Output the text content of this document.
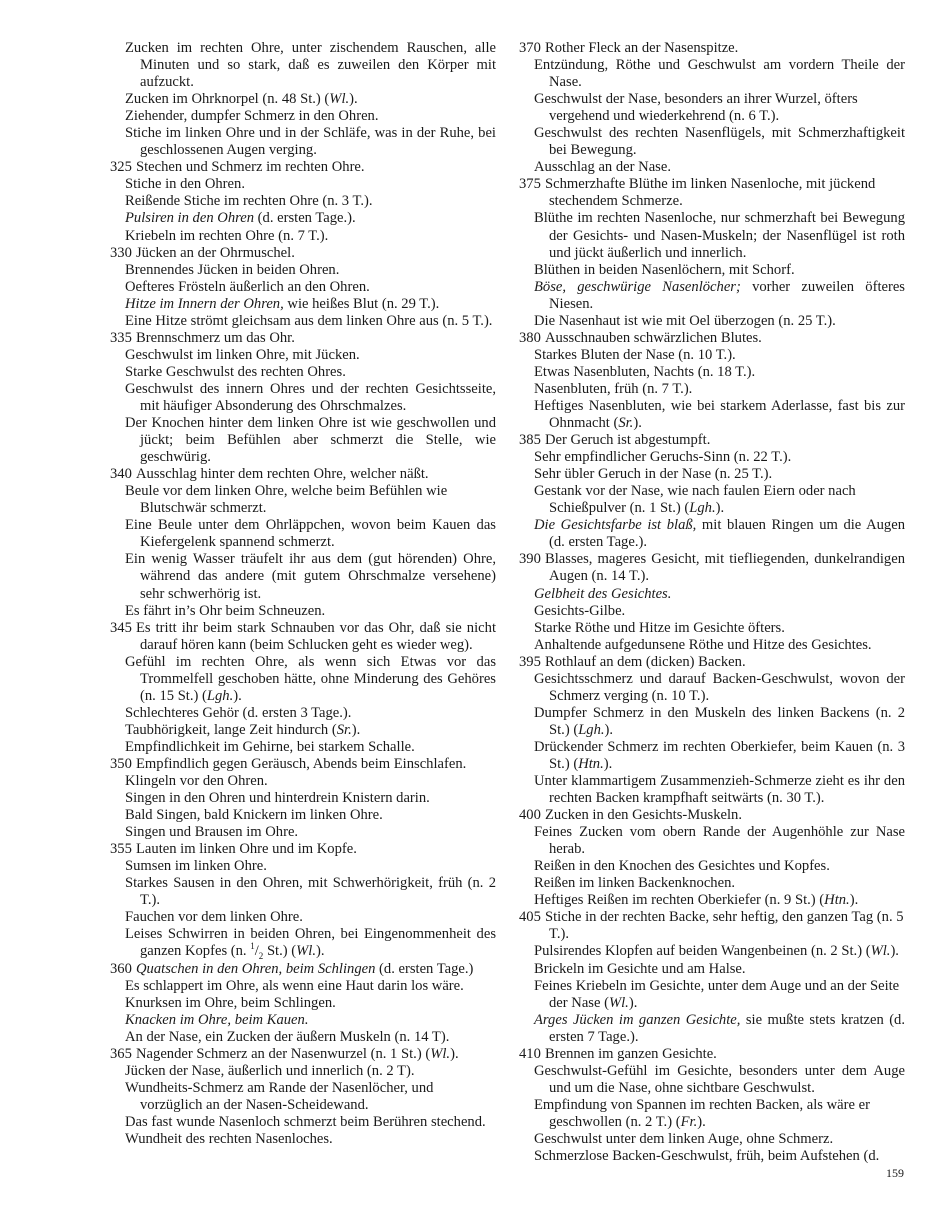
Zucken im rechten Ohre, unter zischendem Rauschen, alle Minuten und so stark, daß es zuweilen den Körper mit aufzuckt.

Zucken im Ohrknorpel (n. 48 St.) (Wl.).

Ziehender, dumpfer Schmerz in den Ohren.

Stiche im linken Ohre und in der Schläfe, was in der Ruhe, bei geschlossenen Augen verging.

325 Stechen und Schmerz im rechten Ohre.

Stiche in den Ohren.

Reißende Stiche im rechten Ohre (n. 3 T.).

Pulsiren in den Ohren (d. ersten Tage.).

Kriebeln im rechten Ohre (n. 7 T.).

330 Jücken an der Ohrmuschel.

Brennendes Jücken in beiden Ohren.

Oefteres Frösteln äußerlich an den Ohren.

Hitze im Innern der Ohren, wie heißes Blut (n. 29 T.).

Eine Hitze strömt gleichsam aus dem linken Ohre aus (n. 5 T.).

335 Brennschmerz um das Ohr.

Geschwulst im linken Ohre, mit Jücken.

Starke Geschwulst des rechten Ohres.

Geschwulst des innern Ohres und der rechten Gesichtsseite, mit häufiger Absonderung des Ohrschmalzes.

Der Knochen hinter dem linken Ohre ist wie geschwollen und jückt; beim Befühlen aber schmerzt die Stelle, wie geschwürig.

340 Ausschlag hinter dem rechten Ohre, welcher näßt.

Beule vor dem linken Ohre, welche beim Befühlen wie Blutschwär schmerzt.

Eine Beule unter dem Ohrläppchen, wovon beim Kauen das Kiefergelenk spannend schmerzt.

Ein wenig Wasser träufelt ihr aus dem (gut hörenden) Ohre, während das andere (mit gutem Ohrschmalze versehene) sehr schwerhörig ist.

Es fährt in’s Ohr beim Schneuzen.

345 Es tritt ihr beim stark Schnauben vor das Ohr, daß sie nicht darauf hören kann (beim Schlucken geht es wieder weg).

Gefühl im rechten Ohre, als wenn sich Etwas vor das Trommelfell geschoben hätte, ohne Minderung des Gehöres (n. 15 St.) (Lgh.).

Schlechteres Gehör (d. ersten 3 Tage.).

Taubhörigkeit, lange Zeit hindurch (Sr.).

Empfindlichkeit im Gehirne, bei starkem Schalle.

350 Empfindlich gegen Geräusch, Abends beim Einschlafen.

Klingeln vor den Ohren.

Singen in den Ohren und hinterdrein Knistern darin.

Bald Singen, bald Knickern im linken Ohre.

Singen und Brausen im Ohre.

355 Lauten im linken Ohre und im Kopfe.

Sumsen im linken Ohre.

Starkes Sausen in den Ohren, mit Schwerhörigkeit, früh (n. 2 T.).

Fauchen vor dem linken Ohre.

Leises Schwirren in beiden Ohren, bei Eingenommenheit des ganzen Kopfes (n. $^1/_2$ St.) (Wl.).

360 Quatschen in den Ohren, beim Schlingen (d. ersten Tage.)

Es schlappert im Ohre, als wenn eine Haut darin los wäre.

Knurksen im Ohre, beim Schlingen.

Knacken im Ohre, beim Kauen.

An der Nase, ein Zucken der äußern Muskeln (n. 14 T).

365 Nagender Schmerz an der Nasenwurzel (n. 1 St.) (Wl.).

Jücken der Nase, äußerlich und innerlich (n. 2 T).

Wundheits-Schmerz am Rande der Nasenlöcher, und vorzüglich an der Nasen-Scheidewand.

Das fast wunde Nasenloch schmerzt beim Berühren stechend.

Wundheit des rechten Nasenloches.

370 Rother Fleck an der Nasenspitze.

Entzündung, Röthe und Geschwulst am vordern Theile der Nase.

Geschwulst der Nase, besonders an ihrer Wurzel, öfters vergehend und wiederkehrend (n. 6 T.).

Geschwulst des rechten Nasenflügels, mit Schmerzhaftigkeit bei Bewegung.

Ausschlag an der Nase.

375 Schmerzhafte Blüthe im linken Nasenloche, mit jückend stechendem Schmerze.

Blüthe im rechten Nasenloche, nur schmerzhaft bei Bewegung der Gesichts- und Nasen-Muskeln; der Nasenflügel ist roth und jückt äußerlich und innerlich.

Blüthen in beiden Nasenlöchern, mit Schorf.

Böse, geschwürige Nasenlöcher; vorher zuweilen öfteres Niesen.

Die Nasenhaut ist wie mit Oel überzogen (n. 25 T.).

380 Ausschnauben schwärzlichen Blutes.

Starkes Bluten der Nase (n. 10 T.).

Etwas Nasenbluten, Nachts (n. 18 T.).

Nasenbluten, früh (n. 7 T.).

Heftiges Nasenbluten, wie bei starkem Aderlasse, fast bis zur Ohnmacht (Sr.).

385 Der Geruch ist abgestumpft.

Sehr empfindlicher Geruchs-Sinn (n. 22 T.).

Sehr übler Geruch in der Nase (n. 25 T.).

Gestank vor der Nase, wie nach faulen Eiern oder nach Schießpulver (n. 1 St.) (Lgh.).

Die Gesichtsfarbe ist blaß, mit blauen Ringen um die Augen (d. ersten Tage.).

390 Blasses, mageres Gesicht, mit tiefliegenden, dunkelrandigen Augen (n. 14 T.).

Gelbheit des Gesichtes.

Gesichts-Gilbe.

Starke Röthe und Hitze im Gesichte öfters.

Anhaltende aufgedunsene Röthe und Hitze des Gesichtes.

395 Rothlauf an dem (dicken) Backen.

Gesichtsschmerz und darauf Backen-Geschwulst, wovon der Schmerz verging (n. 10 T.).

Dumpfer Schmerz in den Muskeln des linken Backens (n. 2 St.) (Lgh.).

Drückender Schmerz im rechten Oberkiefer, beim Kauen (n. 3 St.) (Htn.).

Unter klammartigem Zusammenzieh-Schmerze zieht es ihr den rechten Backen krampfhaft seitwärts (n. 30 T.).

400 Zucken in den Gesichts-Muskeln.

Feines Zucken vom obern Rande der Augenhöhle zur Nase herab.

Reißen in den Knochen des Gesichtes und Kopfes.

Reißen im linken Backenknochen.

Heftiges Reißen im rechten Oberkiefer (n. 9 St.) (Htn.).

405 Stiche in der rechten Backe, sehr heftig, den ganzen Tag (n. 5 T.).

Pulsirendes Klopfen auf beiden Wangenbeinen (n. 2 St.) (Wl.).

Brickeln im Gesichte und am Halse.

Feines Kriebeln im Gesichte, unter dem Auge und an der Seite der Nase (Wl.).

Arges Jücken im ganzen Gesichte, sie mußte stets kratzen (d. ersten 7 Tage.).

410 Brennen im ganzen Gesichte.

Geschwulst-Gefühl im Gesichte, besonders unter dem Auge und um die Nase, ohne sichtbare Geschwulst.

Empfindung von Spannen im rechten Backen, als wäre er geschwollen (n. 2 T.) (Fr.).

Geschwulst unter dem linken Auge, ohne Schmerz.

Schmerzlose Backen-Geschwulst, früh, beim Aufstehen (d.

159
